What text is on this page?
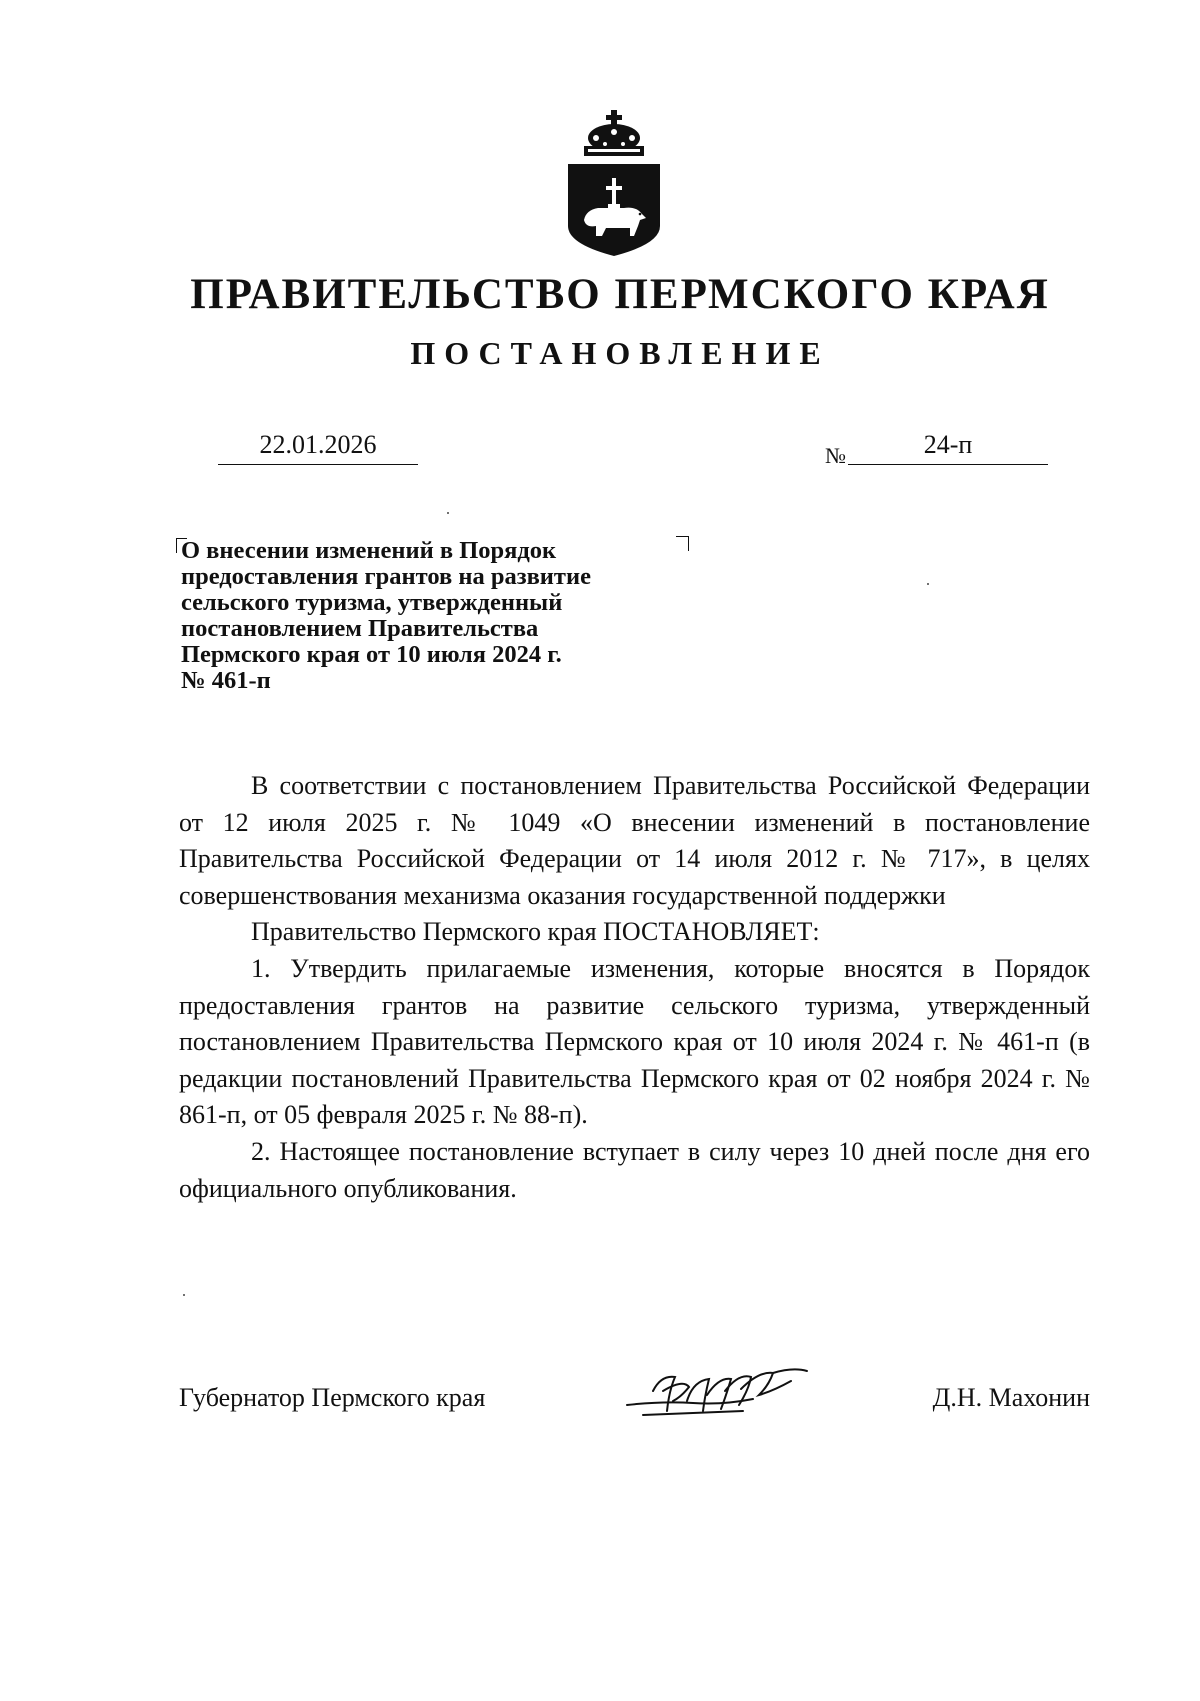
ПРАВИТЕЛЬСТВО ПЕРМСКОГО КРАЯ
ПОСТАНОВЛЕНИЕ
22.01.2026	№	24-п
О внесении изменений в Порядок
предоставления грантов на развитие
сельского туризма, утвержденный
постановлением Правительства
Пермского края от 10 июля 2024 г.
№ 461-п

В соответствии с постановлением Правительства Российской Федерации от 12 июля 2025 г. № 1049 «О внесении изменений в постановление Правительства Российской Федерации от 14 июля 2012 г. № 717», в целях совершенствования механизма оказания государственной поддержки

Правительство Пермского края ПОСТАНОВЛЯЕТ:

1. Утвердить прилагаемые изменения, которые вносятся в Порядок предоставления грантов на развитие сельского туризма, утвержденный постановлением Правительства Пермского края от 10 июля 2024 г. № 461-п (в редакции постановлений Правительства Пермского края от 02 ноября 2024 г. № 861-п, от 05 февраля 2025 г. № 88-п).

2. Настоящее постановление вступает в силу через 10 дней после дня его официального опубликования.

Губернатор Пермского края	Д.Н. Махонин
